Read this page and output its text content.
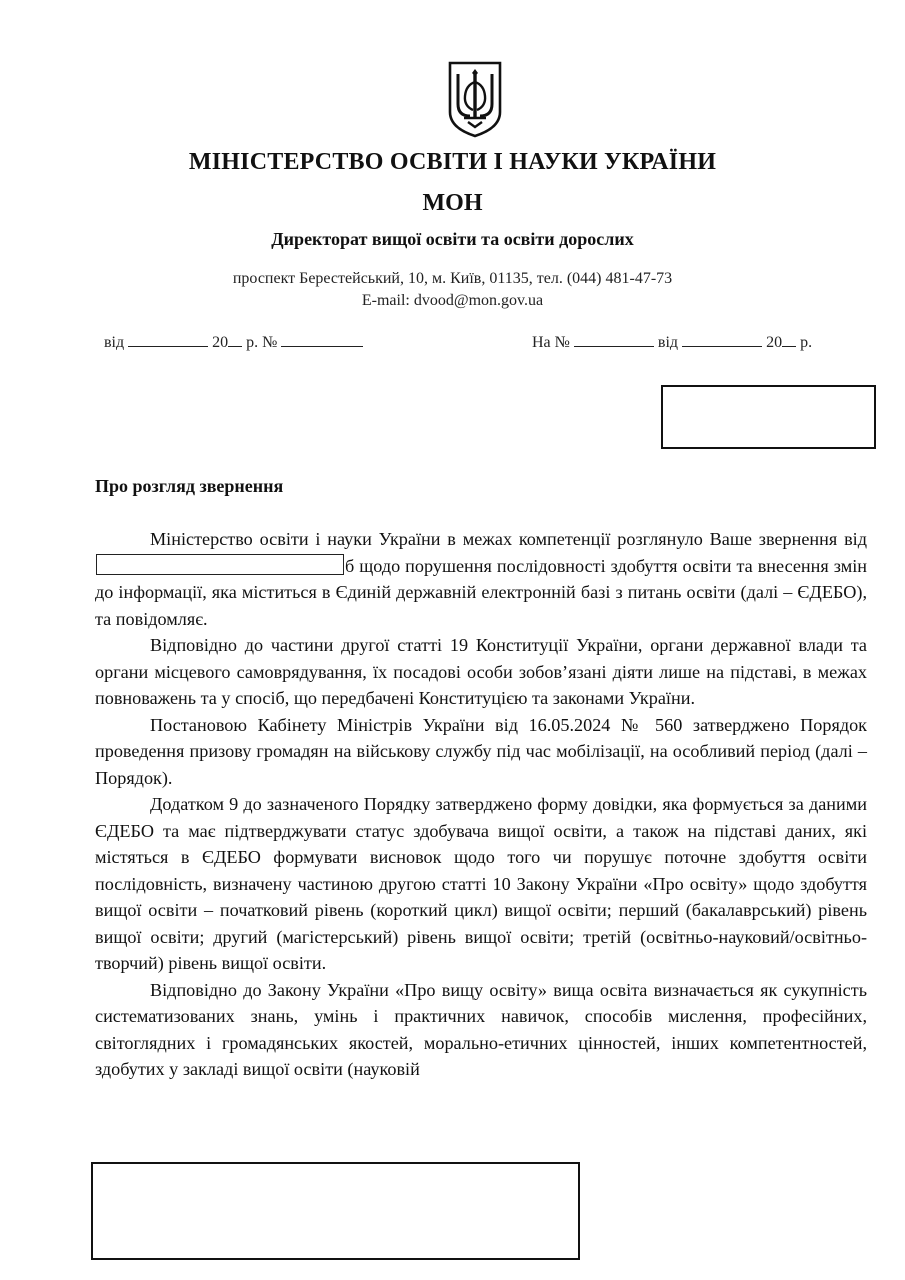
МІНІСТЕРСТВО ОСВІТИ І НАУКИ УКРАЇНИ
МОН
Директорат вищої освіти та освіти дорослих
проспект Берестейський, 10, м. Київ, 01135, тел. (044) 481-47-73
E-mail: dvood@mon.gov.ua
від	20 р. №	На №	від	20 р.
Про розгляд звернення

Міністерство освіти і науки України в межах компетенції розглянуло Ваше звернення відб щодо порушення послідовності здобуття освіти та внесення змін до інформації, яка міститься в Єдиній державній електронній базі з питань освіти (далі – ЄДЕБО), та повідомляє.

Відповідно до частини другої статті 19 Конституції України, органи державної влади та органи місцевого самоврядування, їх посадові особи зобов’язані діяти лише на підставі, в межах повноважень та у спосіб, що передбачені Конституцією та законами України.

Постановою Кабінету Міністрів України від 16.05.2024 № 560 затверджено Порядок проведення призову громадян на військову службу під час мобілізації, на особливий період (далі – Порядок).

Додатком 9 до зазначеного Порядку затверджено форму довідки, яка формується за даними ЄДЕБО та має підтверджувати статус здобувача вищої освіти, а також на підставі даних, які містяться в ЄДЕБО формувати висновок щодо того чи порушує поточне здобуття освіти послідовність, визначену частиною другою статті 10 Закону України «Про освіту» щодо здобуття вищої освіти – початковий рівень (короткий цикл) вищої освіти; перший (бакалаврський) рівень вищої освіти; другий (магістерський) рівень вищої освіти; третій (освітньо-науковий/освітньо-творчий) рівень вищої освіти.

Відповідно до Закону України «Про вищу освіту» вища освіта визначається як сукупність систематизованих знань, умінь і практичних навичок, способів мислення, професійних, світоглядних і громадянських якостей, морально-етичних цінностей, інших компетентностей, здобутих у закладі вищої освіти (науковій
